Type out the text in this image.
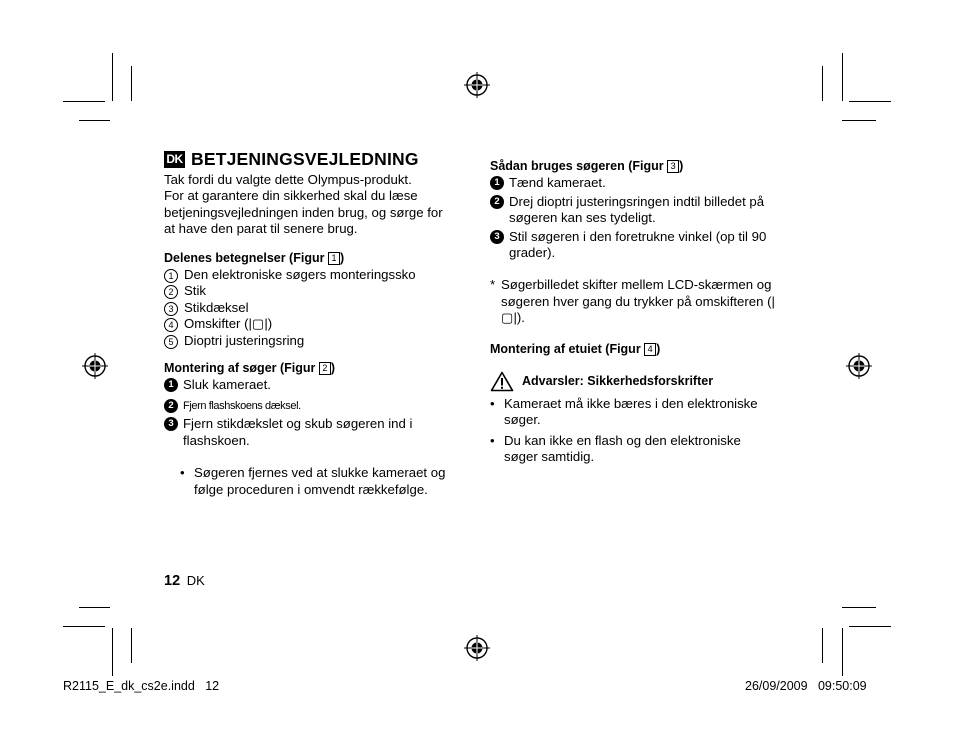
DK BETJENINGSVEJLEDNING
Tak fordi du valgte dette Olympus-produkt.
For at garantere din sikkerhed skal du læse
betjeningsvejledningen inden brug, og sørge for
at have den parat til senere brug.
Delenes betegnelser (Figur 1 )
1 Den elektroniske søgers monteringssko
2 Stik
3 Stikdæksel
4 Omskifter (|▢|)
5 Dioptri justeringsring
Montering af søger (Figur 2 )
1 Sluk kameraet.
2 Fjern flashskoens dæksel.
3 Fjern stikdækslet og skub søgeren ind i flashskoen.
• Søgeren fjernes ved at slukke kameraet og følge proceduren i omvendt rækkefølge.
Sådan bruges søgeren (Figur 3 )
1 Tænd kameraet.
2 Drej dioptri justeringsringen indtil billedet på søgeren kan ses tydeligt.
3 Stil søgeren i den foretrukne vinkel (op til 90 grader).
* Søgerbilledet skifter mellem LCD-skærmen og søgeren hver gang du trykker på omskifteren (|▢|).
Montering af etuiet (Figur 4 )
Advarsler: Sikkerhedsforskrifter
• Kameraet må ikke bæres i den elektroniske søger.
• Du kan ikke en flash og den elektroniske søger samtidig.
12 DK
R2115_E_dk_cs2e.indd   12	26/09/2009   09:50:09
